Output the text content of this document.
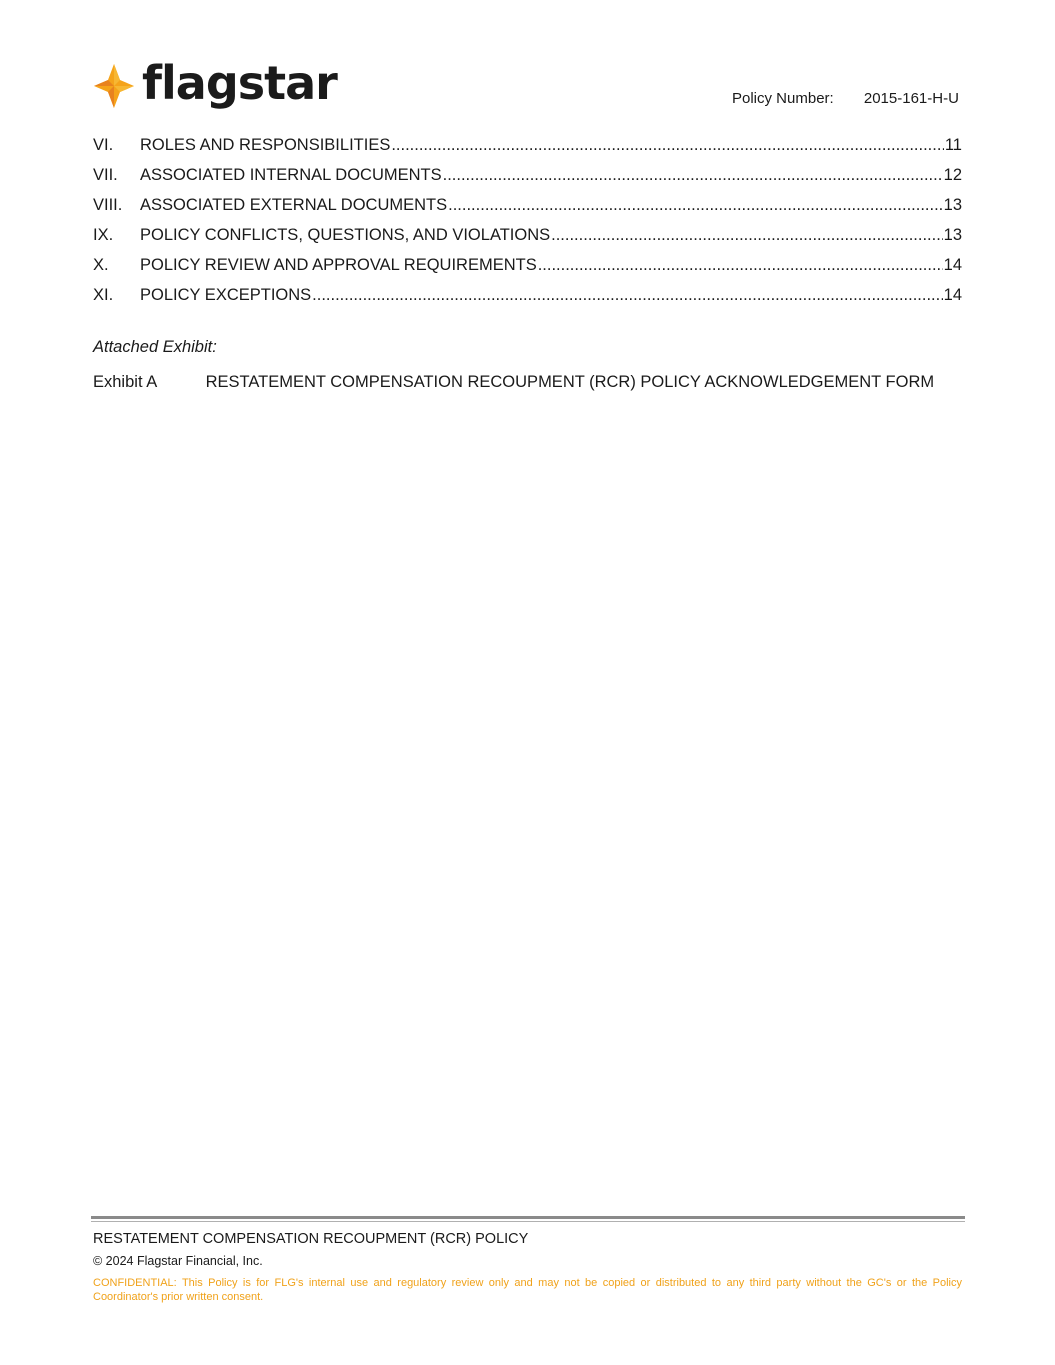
flagstar	Policy Number: 2015-161-H-U
VI.	ROLES AND RESPONSIBILITIES .....	11
VII.	ASSOCIATED INTERNAL DOCUMENTS .....	12
VIII.	ASSOCIATED EXTERNAL DOCUMENTS .....	13
IX.	POLICY CONFLICTS, QUESTIONS, AND VIOLATIONS .....	13
X.	POLICY REVIEW AND APPROVAL REQUIREMENTS .....	14
XI.	POLICY EXCEPTIONS .....	14
Attached Exhibit:
Exhibit A	RESTATEMENT COMPENSATION RECOUPMENT (RCR) POLICY ACKNOWLEDGEMENT FORM
RESTATEMENT COMPENSATION RECOUPMENT (RCR) POLICY
© 2024 Flagstar Financial, Inc.
CONFIDENTIAL: This Policy is for FLG's internal use and regulatory review only and may not be copied or distributed to any third party without the GC's or the Policy Coordinator's prior written consent.
